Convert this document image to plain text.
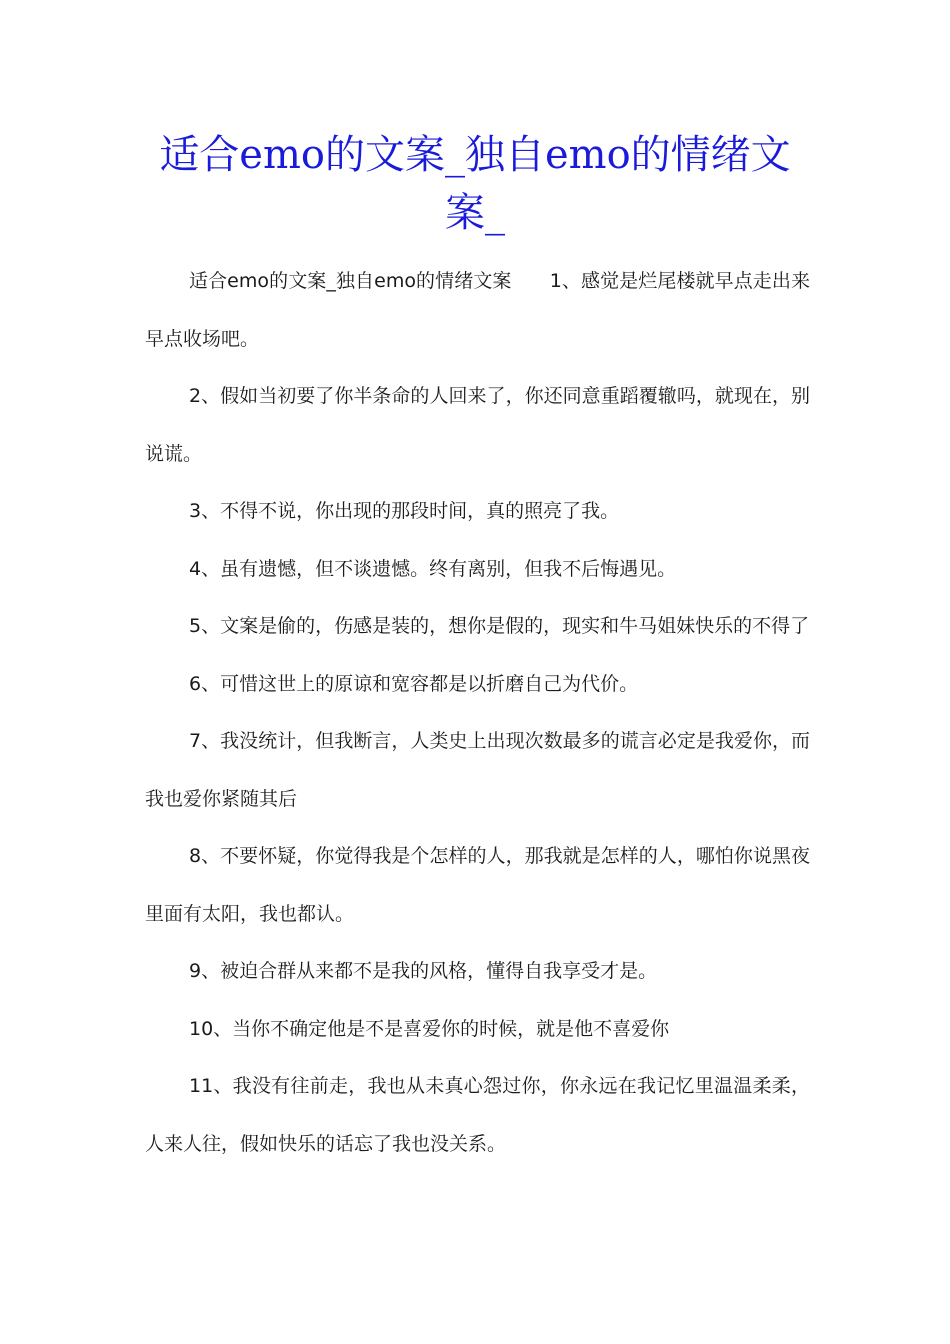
适合emo的文案_独自emo的情绪文案_

适合emo的文案_独自emo的情绪文案　　1、感觉是烂尾楼就早点走出来早点收场吧。

2、假如当初要了你半条命的人回来了，你还同意重蹈覆辙吗，就现在，别说谎。

3、不得不说，你出现的那段时间，真的照亮了我。

4、虽有遗憾，但不谈遗憾。终有离别，但我不后悔遇见。

5、文案是偷的，伤感是装的，想你是假的，现实和牛马姐妹快乐的不得了

6、可惜这世上的原谅和宽容都是以折磨自己为代价。

7、我没统计，但我断言，人类史上出现次数最多的谎言必定是我爱你，而我也爱你紧随其后

8、不要怀疑，你觉得我是个怎样的人，那我就是怎样的人，哪怕你说黑夜里面有太阳，我也都认。

9、被迫合群从来都不是我的风格，懂得自我享受才是。

10、当你不确定他是不是喜爱你的时候，就是他不喜爱你

11、我没有往前走，我也从未真心怨过你，你永远在我记忆里温温柔柔，人来人往，假如快乐的话忘了我也没关系。
